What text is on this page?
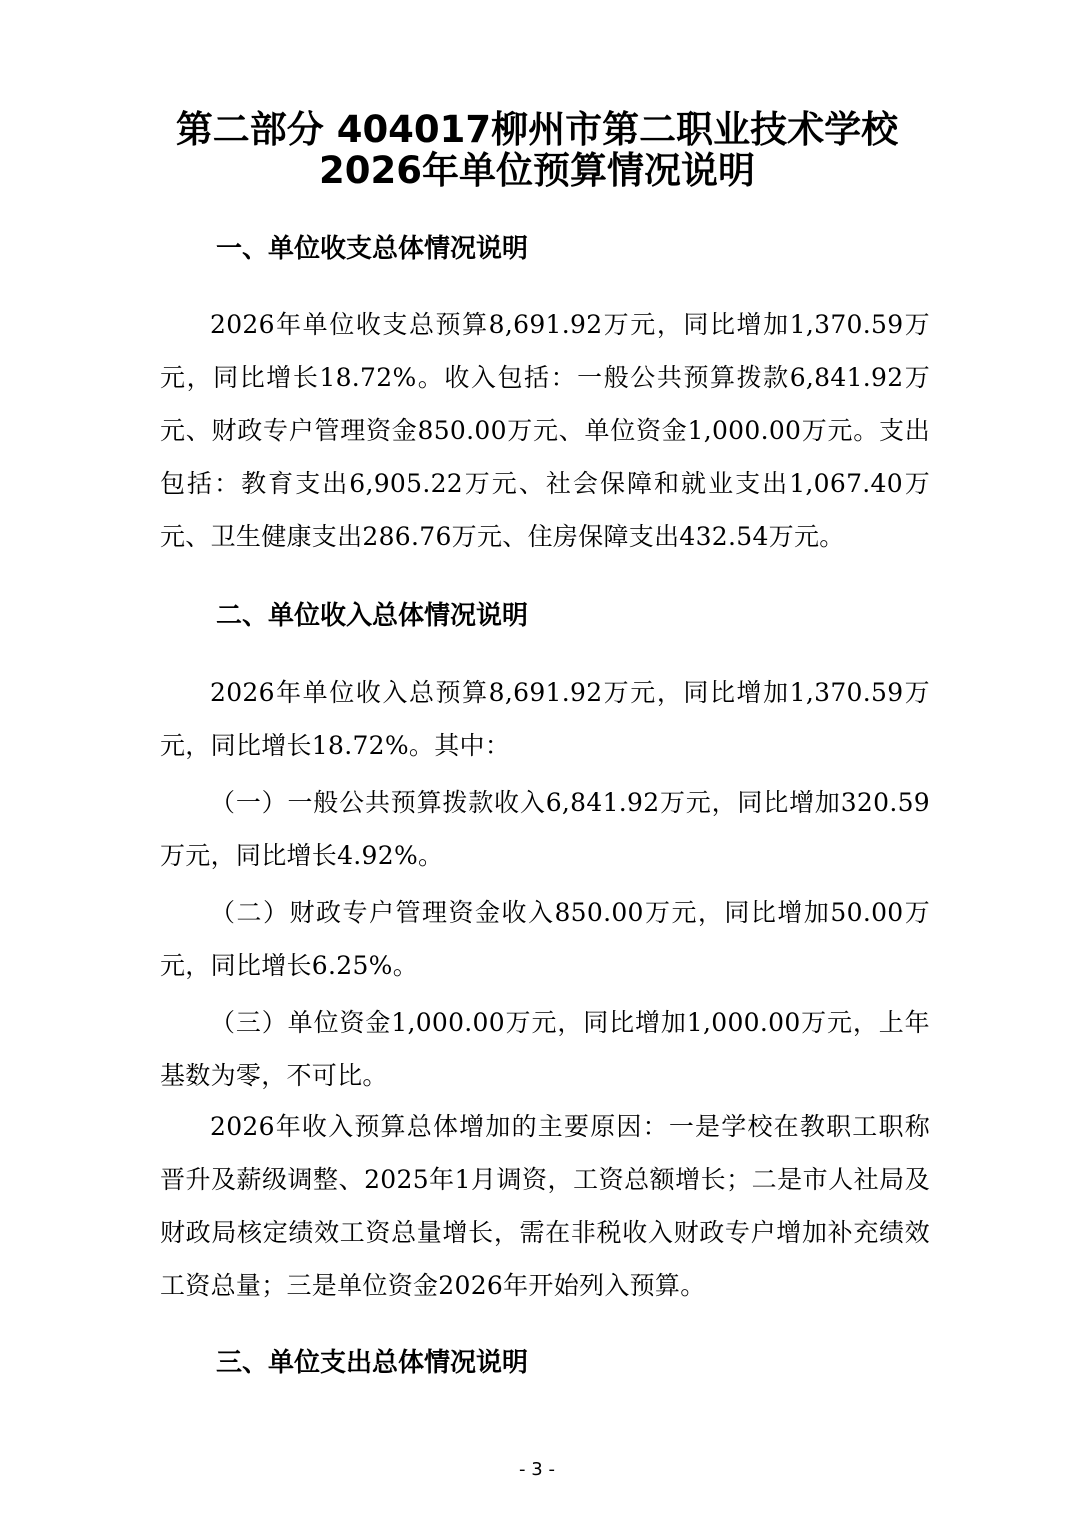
第二部分 404017柳州市第二职业技术学校
2026年单位预算情况说明
一、单位收支总体情况说明

2026年单位收支总预算8,691.92万元，同比增加1,370.59万元，同比增长18.72%。收入包括：一般公共预算拨款6,841.92万元、财政专户管理资金850.00万元、单位资金1,000.00万元。支出包括：教育支出6,905.22万元、社会保障和就业支出1,067.40万元、卫生健康支出286.76万元、住房保障支出432.54万元。

二、单位收入总体情况说明

2026年单位收入总预算8,691.92万元，同比增加1,370.59万元，同比增长18.72%。其中：

（一）一般公共预算拨款收入6,841.92万元，同比增加320.59万元，同比增长4.92%。

（二）财政专户管理资金收入850.00万元，同比增加50.00万元，同比增长6.25%。

（三）单位资金1,000.00万元，同比增加1,000.00万元，上年基数为零，不可比。

2026年收入预算总体增加的主要原因：一是学校在教职工职称晋升及薪级调整、2025年1月调资，工资总额增长；二是市人社局及财政局核定绩效工资总量增长，需在非税收入财政专户增加补充绩效工资总量；三是单位资金2026年开始列入预算。

三、单位支出总体情况说明
- 3 -
